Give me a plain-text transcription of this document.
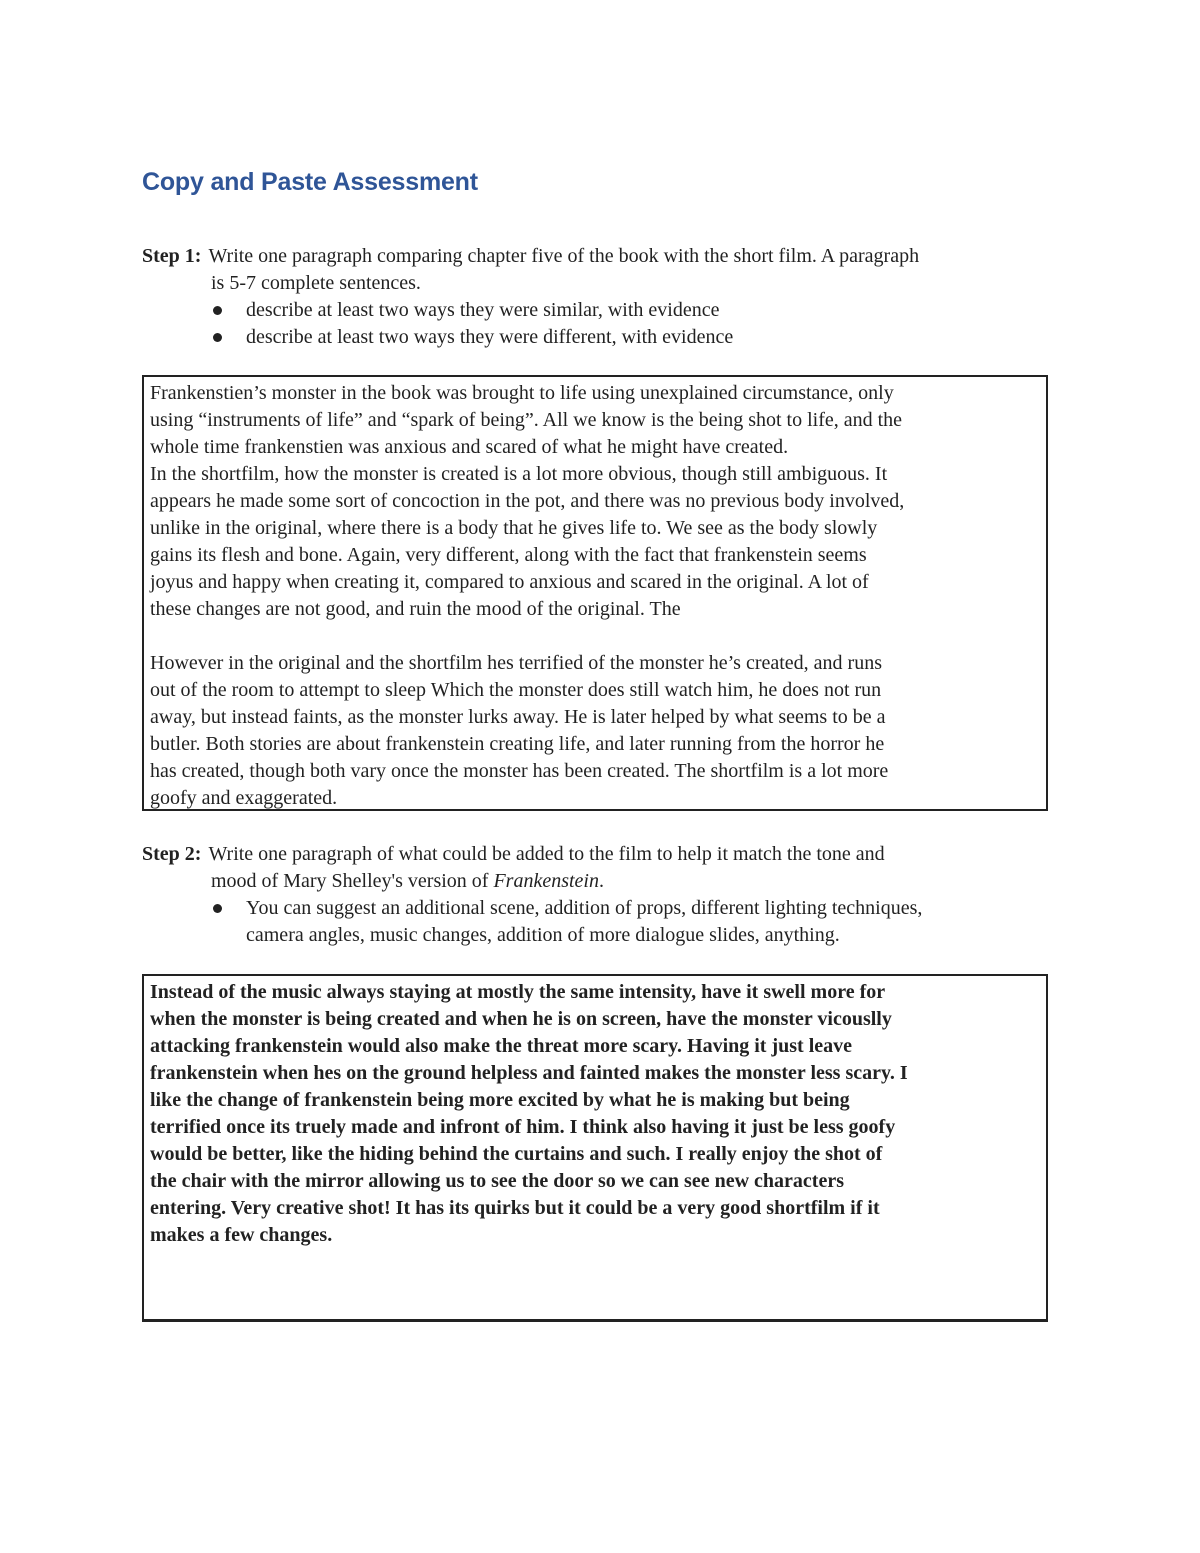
Copy and Paste Assessment
Step 1: Write one paragraph comparing chapter five of the book with the short film. A paragraph
is 5-7 complete sentences.
describe at least two ways they were similar, with evidence
describe at least two ways they were different, with evidence

Frankenstien’s monster in the book was brought to life using unexplained circumstance, only

using “instruments of life” and “spark of being”. All we know is the being shot to life, and the

whole time frankenstien was anxious and scared of what he might have created.

In the shortfilm, how the monster is created is a lot more obvious, though still ambiguous. It

appears he made some sort of concoction in the pot, and there was no previous body involved,

unlike in the original, where there is a body that he gives life to. We see as the body slowly

gains its flesh and bone. Again, very different, along with the fact that frankenstein seems

joyus and happy when creating it, compared to anxious and scared in the original. A lot of

these changes are not good, and ruin the mood of the original. The

However in the original and the shortfilm hes terrified of the monster he’s created, and runs

out of the room to attempt to sleep Which the monster does still watch him, he does not run

away, but instead faints, as the monster lurks away. He is later helped by what seems to be a

butler. Both stories are about frankenstein creating life, and later running from the horror he

has created, though both vary once the monster has been created. The shortfilm is a lot more

goofy and exaggerated.

Step 2: Write one paragraph of what could be added to the film to help it match the tone and
mood of Mary Shelley's version of Frankenstein.
You can suggest an additional scene, addition of props, different lighting techniques,
camera angles, music changes, addition of more dialogue slides, anything.

Instead of the music always staying at mostly the same intensity, have it swell more for

when the monster is being created and when he is on screen, have the monster vicouslly

attacking frankenstein would also make the threat more scary. Having it just leave

frankenstein when hes on the ground helpless and fainted makes the monster less scary. I

like the change of frankenstein being more excited by what he is making but being

terrified once its truely made and infront of him. I think also having it just be less goofy

would be better, like the hiding behind the curtains and such. I really enjoy the shot of

the chair with the mirror allowing us to see the door so we can see new characters

entering. Very creative shot! It has its quirks but it could be a very good shortfilm if it

makes a few changes.
